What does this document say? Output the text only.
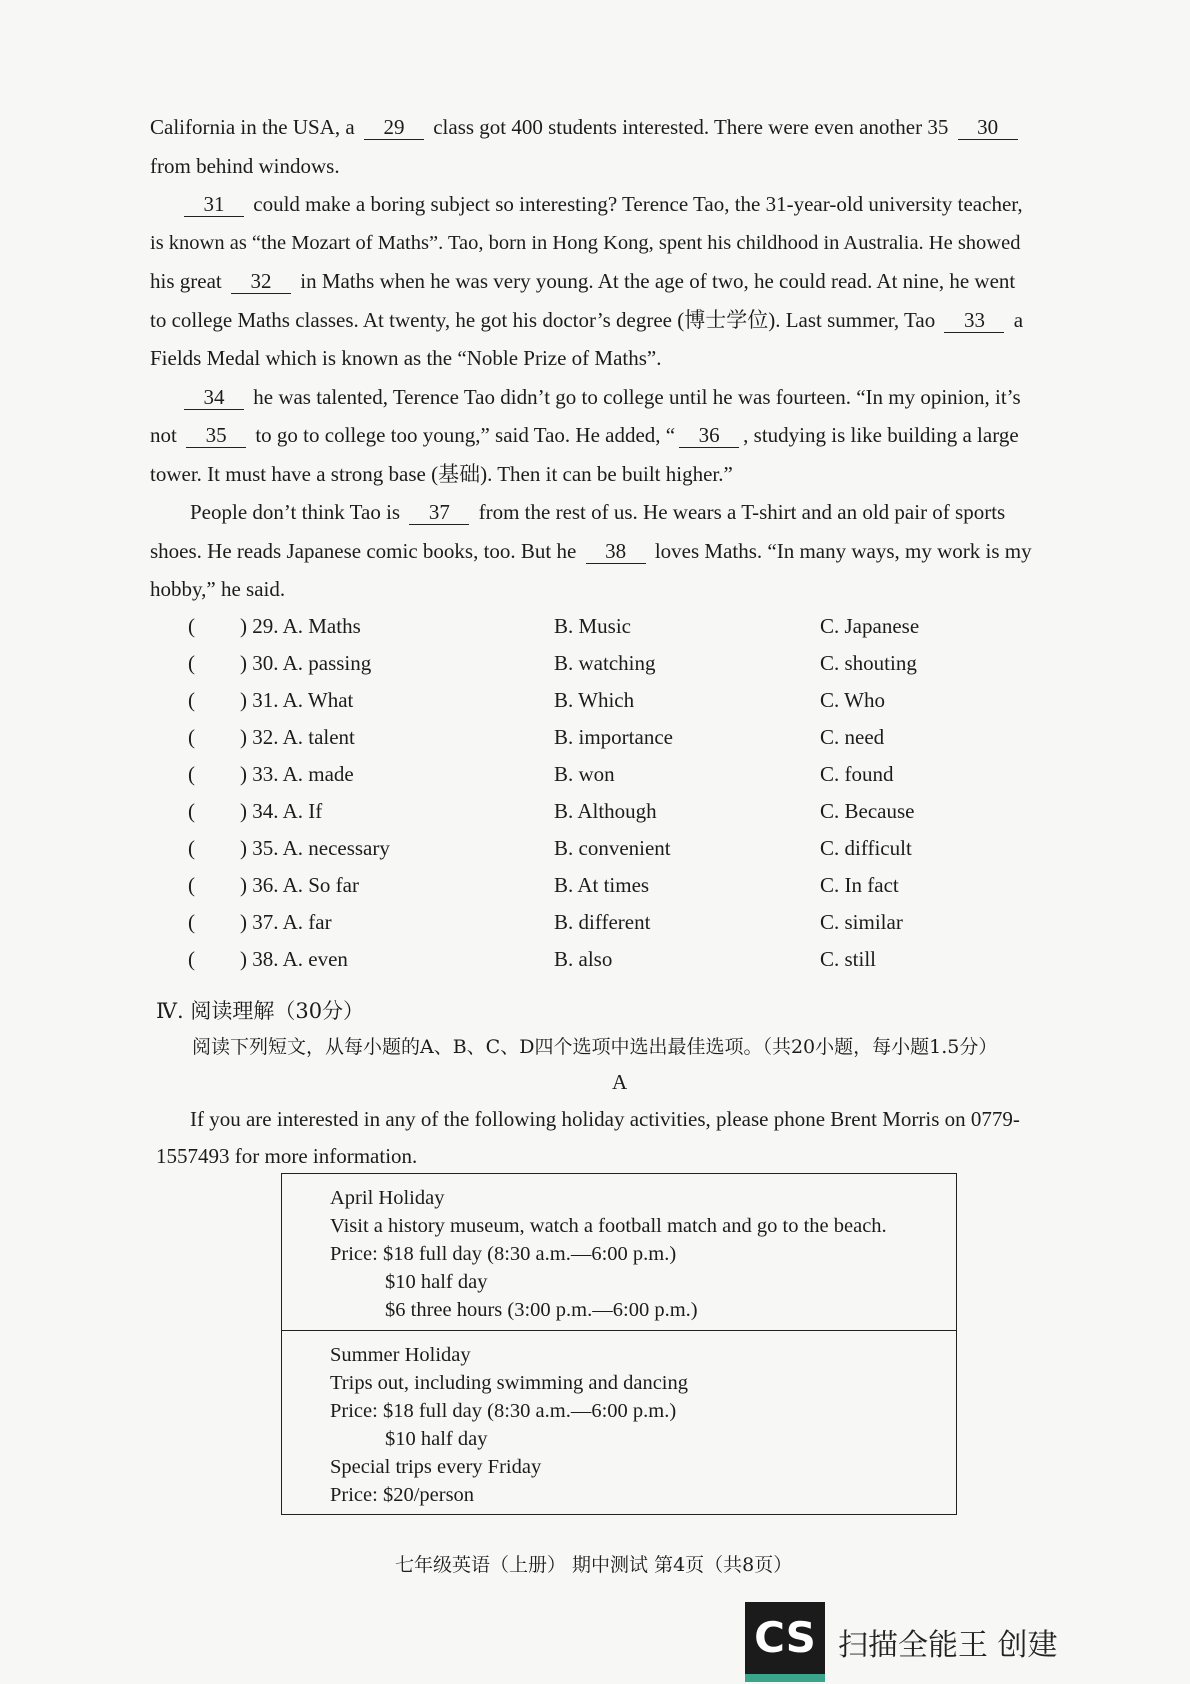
California in the USA, a 29 class got 400 students interested. There were even another 35 30
from behind windows.
31 could make a boring subject so interesting? Terence Tao, the 31-year-old university teacher,
is known as “the Mozart of Maths”. Tao, born in Hong Kong, spent his childhood in Australia. He showed
his great 32 in Maths when he was very young. At the age of two, he could read. At nine, he went
to college Maths classes. At twenty, he got his doctor’s degree (博士学位). Last summer, Tao 33 a
Fields Medal which is known as the “Noble Prize of Maths”.
34 he was talented, Terence Tao didn’t go to college until he was fourteen. “In my opinion, it’s
not 35 to go to college too young,” said Tao. He added, “ 36 , studying is like building a large
tower. It must have a strong base (基础). Then it can be built higher.”
People don’t think Tao is 37 from the rest of us. He wears a T-shirt and an old pair of sports
shoes. He reads Japanese comic books, too. But he 38 loves Maths. “In many ways, my work is my
hobby,” he said.
( ) 29. A. Maths	B. Music	C. Japanese
( ) 30. A. passing	B. watching	C. shouting
( ) 31. A. What	B. Which	C. Who
( ) 32. A. talent	B. importance	C. need
( ) 33. A. made	B. won	C. found
( ) 34. A. If	B. Although	C. Because
( ) 35. A. necessary	B. convenient	C. difficult
( ) 36. A. So far	B. At times	C. In fact
( ) 37. A. far	B. different	C. similar
( ) 38. A. even	B. also	C. still
Ⅳ. 阅读理解（30分）
阅读下列短文，从每小题的A、B、C、D四个选项中选出最佳选项。（共20小题，每小题1.5分）
A
If you are interested in any of the following holiday activities, please phone Brent Morris on 0779-
1557493 for more information.
April Holiday
Visit a history museum, watch a football match and go to the beach.
Price: $18 full day (8:30 a.m.—6:00 p.m.)
$10 half day
$6 three hours (3:00 p.m.—6:00 p.m.)
Summer Holiday
Trips out, including swimming and dancing
Price: $18 full day (8:30 a.m.—6:00 p.m.)
$10 half day
Special trips every Friday
Price: $20/person
七年级英语（上册） 期中测试 第4页（共8页）
CS 扫描全能王 创建
